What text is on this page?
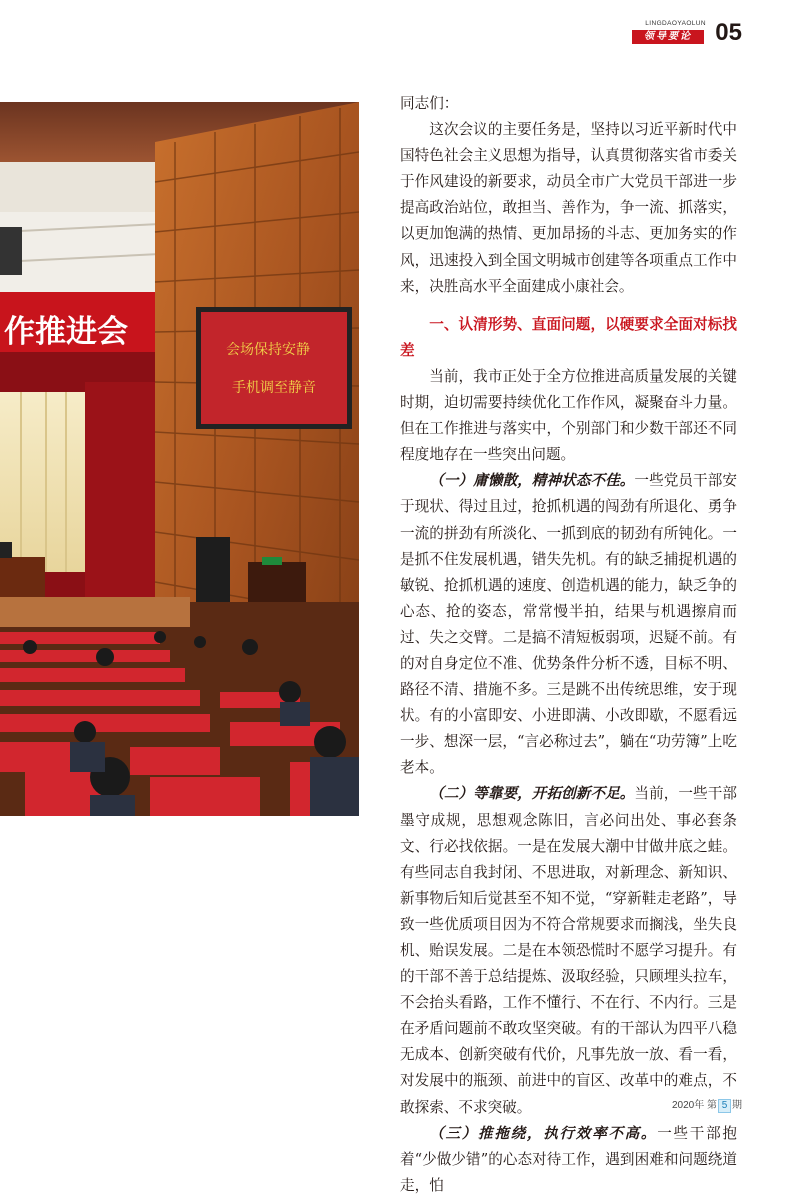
LINGDAOYAOLUN
领导要论 05
作推进会	会场保持安静
手机调至静音

同志们：

这次会议的主要任务是，坚持以习近平新时代中国特色社会主义思想为指导，认真贯彻落实省市委关于作风建设的新要求，动员全市广大党员干部进一步提高政治站位，敢担当、善作为，争一流、抓落实，以更加饱满的热情、更加昂扬的斗志、更加务实的作风，迅速投入到全国文明城市创建等各项重点工作中来，决胜高水平全面建成小康社会。

一、认清形势、直面问题，以硬要求全面对标找差

当前，我市正处于全方位推进高质量发展的关键时期，迫切需要持续优化工作作风，凝聚奋斗力量。但在工作推进与落实中，个别部门和少数干部还不同程度地存在一些突出问题。

（一）庸懒散，精神状态不佳。一些党员干部安于现状、得过且过，抢抓机遇的闯劲有所退化、勇争一流的拼劲有所淡化、一抓到底的韧劲有所钝化。一是抓不住发展机遇，错失先机。有的缺乏捕捉机遇的敏锐、抢抓机遇的速度、创造机遇的能力，缺乏争的心态、抢的姿态，常常慢半拍，结果与机遇擦肩而过、失之交臂。二是搞不清短板弱项，迟疑不前。有的对自身定位不准、优势条件分析不透，目标不明、路径不清、措施不多。三是跳不出传统思维，安于现状。有的小富即安、小进即满、小改即歇，不愿看远一步、想深一层，“言必称过去”，躺在“功劳簿”上吃老本。

（二）等靠要，开拓创新不足。当前，一些干部墨守成规，思想观念陈旧，言必问出处、事必套条文、行必找依据。一是在发展大潮中甘做井底之蛙。有些同志自我封闭、不思进取，对新理念、新知识、新事物后知后觉甚至不知不觉，“穿新鞋走老路”，导致一些优质项目因为不符合常规要求而搁浅，坐失良机、贻误发展。二是在本领恐慌时不愿学习提升。有的干部不善于总结提炼、汲取经验，只顾埋头拉车，不会抬头看路，工作不懂行、不在行、不内行。三是在矛盾问题前不敢攻坚突破。有的干部认为四平八稳无成本、创新突破有代价，凡事先放一放、看一看，对发展中的瓶颈、前进中的盲区、改革中的难点，不敢探索、不求突破。

（三）推拖绕，执行效率不高。一些干部抱着“少做少错”的心态对待工作，遇到困难和问题绕道走，怕

2020年 第 5 期
